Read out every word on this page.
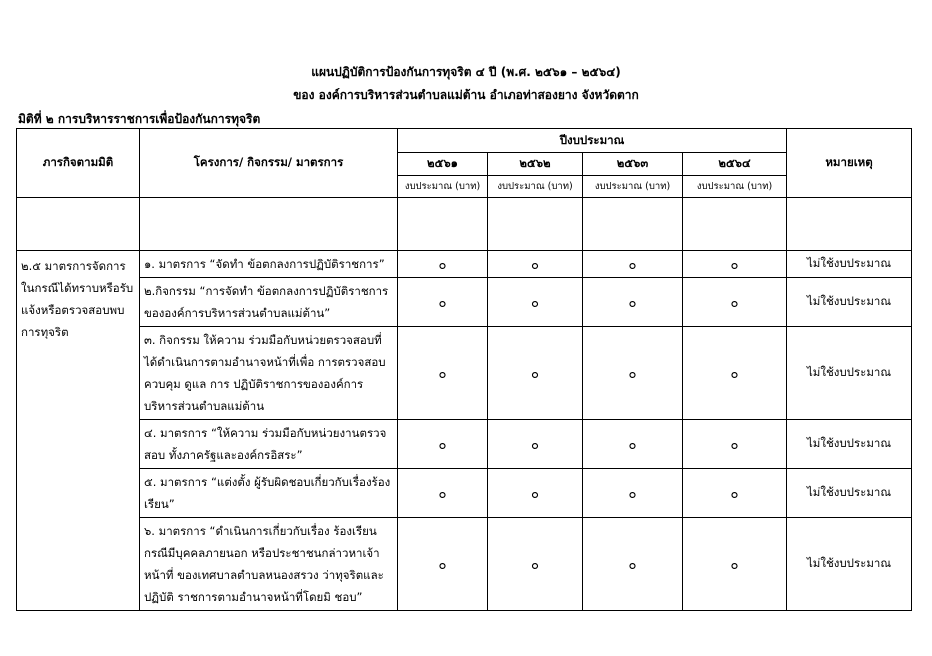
แผนปฏิบัติการป้องกันการทุจริต ๔ ปี (พ.ศ. ๒๕๖๑ – ๒๕๖๔)
ของ องค์การบริหารส่วนตำบลแม่ต้าน อำเภอท่าสองยาง จังหวัดตาก
มิติที่ ๒ การบริหารราชการเพื่อป้องกันการทุจริต
ภารกิจตามมิติ	โครงการ/ กิจกรรม/ มาตรการ	ปีงบประมาณ				หมายเหตุ
		๒๕๖๑	๒๕๖๒	๒๕๖๓	๒๕๖๔	
		งบประมาณ (บาท)	งบประมาณ (บาท)	งบประมาณ (บาท)	งบประมาณ (บาท)	

๒.๕ มาตรการจัดการในกรณีได้ทราบหรือรับแจ้งหรือตรวจสอบพบการทุจริต	๑. มาตรการ “จัดทำ ข้อตกลงการปฏิบัติราชการ”	๐	๐	๐	๐	ไม่ใช้งบประมาณ
	๒.กิจกรรม “การจัดทำ ข้อตกลงการปฏิบัติราชการขององค์การบริหารส่วนตำบลแม่ต้าน”	๐	๐	๐	๐	ไม่ใช้งบประมาณ
	๓. กิจกรรม ให้ความ ร่วมมือกับหน่วยตรวจสอบที่ได้ดำเนินการตามอำนาจหน้าที่เพื่อ การตรวจสอบ ควบคุม ดูแล การ ปฏิบัติราชการขององค์การบริหารส่วนตำบลแม่ต้าน	๐	๐	๐	๐	ไม่ใช้งบประมาณ
	๔. มาตรการ “ให้ความ ร่วมมือกับหน่วยงานตรวจสอบ ทั้งภาครัฐและองค์กรอิสระ”	๐	๐	๐	๐	ไม่ใช้งบประมาณ
	๕. มาตรการ “แต่งตั้ง ผู้รับผิดชอบเกี่ยวกับเรื่องร้องเรียน”	๐	๐	๐	๐	ไม่ใช้งบประมาณ
	๖. มาตรการ “ดำเนินการเกี่ยวกับเรื่อง ร้องเรียนกรณีมีบุคคลภายนอก หรือประชาชนกล่าวหาเจ้าหน้าที่ ของเทศบาลตำบลหนองสรวง ว่าทุจริตและปฏิบัติ ราชการตามอำนาจหน้าที่โดยมิ ชอบ”	๐	๐	๐	๐	ไม่ใช้งบประมาณ
